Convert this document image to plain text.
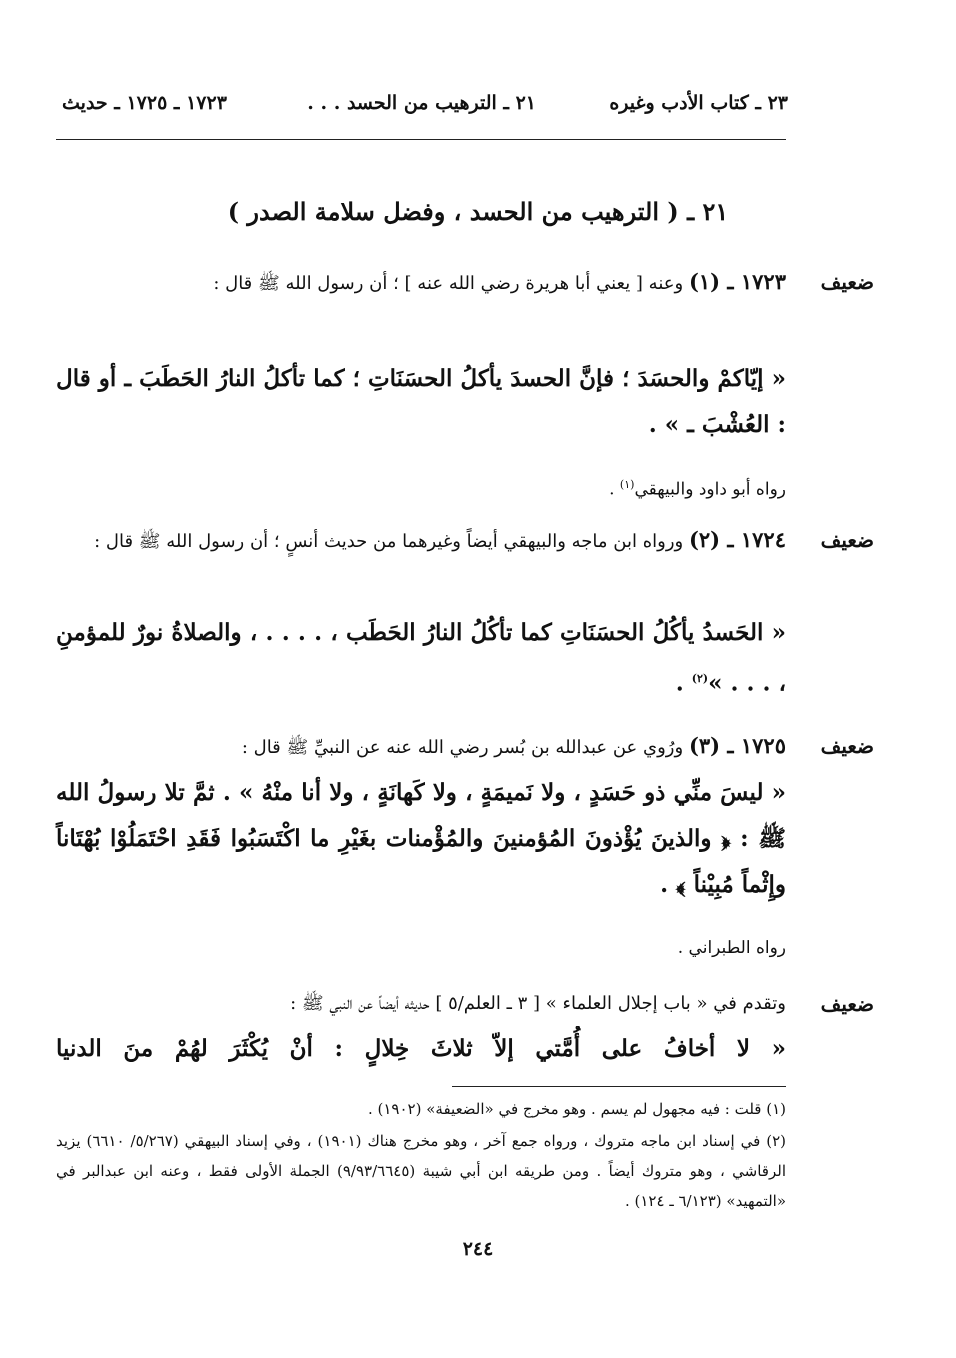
٢٣ ـ كتاب الأدب وغيره
٢١ ـ الترهيب من الحسد . . .
١٧٢٣ ـ ١٧٢٥ ـ حديث
٢١ ـ ( الترهيب من الحسد ، وفضل سلامة الصدر )
ضعيف
١٧٢٣ ـ (١) وعنه [ يعني أبا هريرة رضي الله عنه ] ؛ أن رسول الله ﷺ قال :
« إيّاكمْ والحسَدَ ؛ فإنَّ الحسدَ يأكلُ الحسَنَاتِ ؛ كما تأكلُ النارُ الحَطَبَ ـ أو قال : العُشْبَ ـ » .
رواه أبو داود والبيهقي$^{(١)}$ .
ضعيف
١٧٢٤ ـ (٢) ورواه ابن ماجه والبيهقي أيضاً وغيرهما من حديث أنسٍ ؛ أن رسول الله ﷺ قال :
« الحَسدُ يأكُلُ الحسَنَاتِ كما تأكُلُ النارُ الحَطَب ، . . . . ، والصلاةُ نورٌ للمؤمنِ ، . . . »$^{(٢)}$ .
ضعيف
١٧٢٥ ـ (٣) ورُوي عن عبدالله بن بُسر رضي الله عنه عن النبيِّ ﷺ قال :
« ليسَ منِّي ذو حَسَدٍ ، ولا نَميمَةٍ ، ولا كَهانَةٍ ، ولا أنا منْهُ » . ثمَّ تلا رسولُ الله ﷺ : ﴿ والذينَ يُؤْذونَ المُؤمنينَ والمُؤْمنات بغَيْرِ ما اكْتَسَبُوا فَقَدِ احْتَمَلُوْا بُهْتَاناً وإِثْماً مُبِيْناً ﴾ .
رواه الطبراني .
ضعيف
وتقدم في « باب إجلال العلماء » [ ٣ ـ العلم/٥ ] حديثه أيضاً عن النبي ﷺ :
« لا أخافُ على أُمَّتي إلاّ ثلاثَ خِلالٍ : أنْ يُكْثَرَ لهُمْ منَ الدنيا
(١) قلت : فيه مجهول لم يسم . وهو مخرج في «الضعيفة» (١٩٠٢) .
(٢) في إسناد ابن ماجه متروك ، ورواه جمع آخر ، وهو مخرج هناك (١٩٠١) ، وفي إسناد البيهقي (٥/٢٦٧/ ٦٦١٠) يزيد الرقاشي ، وهو متروك أيضاً . ومن طريقه ابن أبي شيبة (٩/٩٣/٦٦٤٥) الجملة الأولى فقط ، وعنه ابن عبدالبر في «التمهيد» (٦/١٢٣ ـ ١٢٤) .
٢٤٤
